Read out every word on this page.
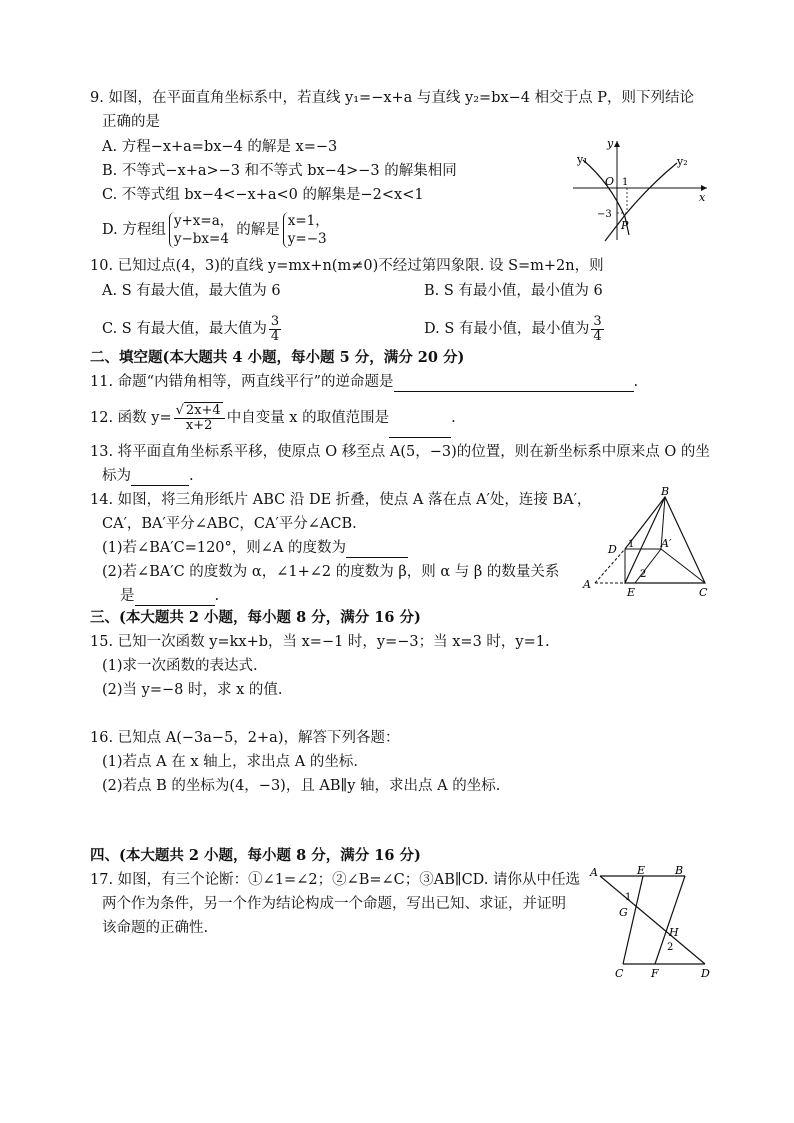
9. 如图，在平面直角坐标系中，若直线 y₁=−x+a 与直线 y₂=bx−4 相交于点 P，则下列结论
正确的是
A. 方程−x+a=bx−4 的解是 x=−3
B. 不等式−x+a>−3 和不等式 bx−4>−3 的解集相同
C. 不等式组 bx−4<−x+a<0 的解集是−2<x<1
D. 方程组
y+x=a，
y−bx=4
的解是
x=1，
y=−3
y₁	y₂
y
x
O 1
−3
P
10. 已知过点(4，3)的直线 y=mx+n(m≠0)不经过第四象限. 设 S=m+2n，则
A. S 有最大值，最大值为 6	B. S 有最小值，最小值为 6
C. S 有最大值，最大值为 $\frac{3}{4}$	D. S 有最小值，最小值为 $\frac{3}{4}$
二、填空题(本大题共 4 小题，每小题 5 分，满分 20 分)
11. 命题“内错角相等，两直线平行”的逆命题是	.
12. 函数 $y= \frac{√ 2x+4}{x+2}$ 中自变量 x 的取值范围是	.
13. 将平面直角坐标系平移，使原点 O 移至点 A(5，−3)的位置，则在新坐标系中原来点 O 的坐
标为	.
14. 如图，将三角形纸片 ABC 沿 DE 折叠，使点 A 落在点 A′处，连接 BA′，
CA′，BA′平分∠ABC，CA′平分∠ACB.
(1)若∠BA′C=120°，则∠A 的度数为
(2)若∠BA′C 的度数为 α，∠1+∠2 的度数为 β，则 α 与 β 的数量关系
是	.
B
D 1 A′
2
A
E	C
三、(本大题共 2 小题，每小题 8 分，满分 16 分)
15. 已知一次函数 y=kx+b，当 x=−1 时，y=−3；当 x=3 时，y=1.
(1)求一次函数的表达式.
(2)当 y=−8 时，求 x 的值.
16. 已知点 A(−3a−5，2+a)，解答下列各题：
(1)若点 A 在 x 轴上，求出点 A 的坐标.
(2)若点 B 的坐标为(4，−3)，且 AB∥y 轴，求出点 A 的坐标.
四、(本大题共 2 小题，每小题 8 分，满分 16 分)
17. 如图，有三个论断：①∠1=∠2；②∠B=∠C；③AB∥CD. 请你从中任选
两个作为条件，另一个作为结论构成一个命题，写出已知、求证，并证明
该命题的正确性.
A	E	B
1
G
H
2
C	F	D
